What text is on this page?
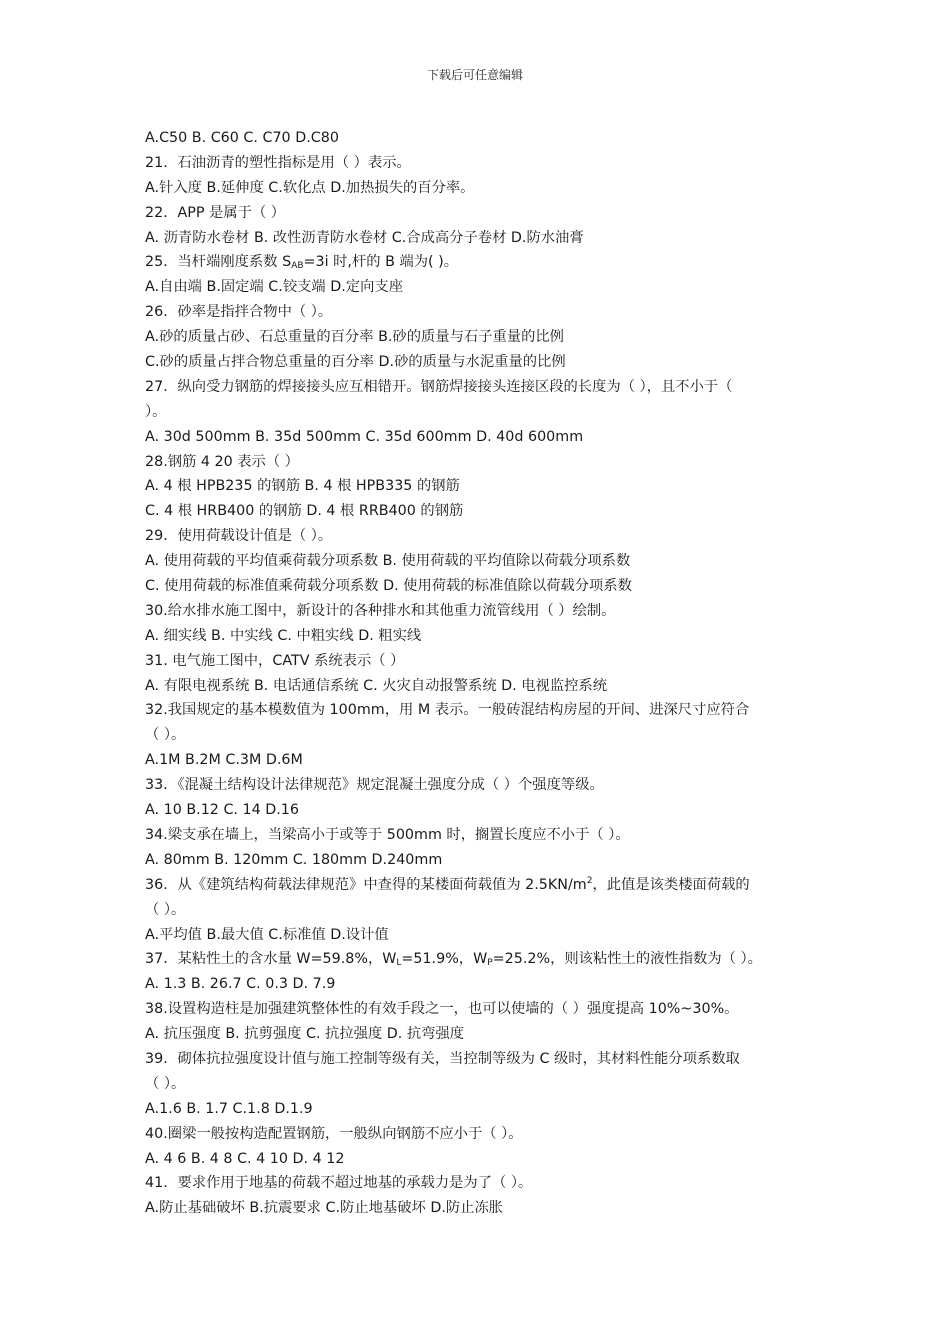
下载后可任意编辑
A.C50 B. C60 C. C70 D.C80
21．石油沥青的塑性指标是用（ ）表示。
A.针入度 B.延伸度 C.软化点 D.加热损失的百分率。
22．APP 是属于（ ）
A. 沥青防水卷材 B. 改性沥青防水卷材 C.合成高分子卷材 D.防水油膏
25．当杆端刚度系数 $S_{AB}=3i$ 时,杆的 B 端为( )。
A.自由端 B.固定端 C.铰支端 D.定向支座
26．砂率是指拌合物中（ ）。
A.砂的质量占砂、石总重量的百分率 B.砂的质量与石子重量的比例
C.砂的质量占拌合物总重量的百分率 D.砂的质量与水泥重量的比例
27．纵向受力钢筋的焊接接头应互相错开。钢筋焊接接头连接区段的长度为（ ），且不小于（
）。
A. 30d 500mm B. 35d 500mm C. 35d 600mm D. 40d 600mm
28.钢筋 4 20 表示（ ）
A. 4 根 HPB235 的钢筋 B. 4 根 HPB335 的钢筋
C. 4 根 HRB400 的钢筋 D. 4 根 RRB400 的钢筋
29．使用荷载设计值是（ ）。
A. 使用荷载的平均值乘荷载分项系数 B. 使用荷载的平均值除以荷载分项系数
C. 使用荷载的标准值乘荷载分项系数 D. 使用荷载的标准值除以荷载分项系数
30.给水排水施工图中，新设计的各种排水和其他重力流管线用（ ）绘制。
A. 细实线 B. 中实线 C. 中粗实线 D. 粗实线
31. 电气施工图中，CATV 系统表示（ ）
A. 有限电视系统 B. 电话通信系统 C. 火灾自动报警系统 D. 电视监控系统
32.我国规定的基本模数值为 100mm，用 M 表示。一般砖混结构房屋的开间、进深尺寸应符合
（ ）。
A.1M B.2M C.3M D.6M
33．《混凝土结构设计法律规范》规定混凝土强度分成（ ）个强度等级。
A. 10 B.12 C. 14 D.16
34.梁支承在墙上，当梁高小于或等于 500mm 时，搁置长度应不小于（ ）。
A. 80mm B. 120mm C. 180mm D.240mm
36．从《建筑结构荷载法律规范》中查得的某楼面荷载值为 $2.5KN/m^2$，此值是该类楼面荷载的
（ ）。
A.平均值 B.最大值 C.标准值 D.设计值
37．某粘性土的含水量 W=59.8%，$W_L=51.9\%$，$W_P=25.2\%$，则该粘性土的液性指数为（ ）。
A. 1.3 B. 26.7 C. 0.3 D. 7.9
38.设置构造柱是加强建筑整体性的有效手段之一，也可以使墙的（ ）强度提高 10%~30%。
A. 抗压强度 B. 抗剪强度 C. 抗拉强度 D. 抗弯强度
39．砌体抗拉强度设计值与施工控制等级有关，当控制等级为 C 级时，其材料性能分项系数取
（ ）。
A.1.6 B. 1.7 C.1.8 D.1.9
40.圈梁一般按构造配置钢筋，一般纵向钢筋不应小于（ ）。
A. 4 6 B. 4 8 C. 4 10 D. 4 12
41．要求作用于地基的荷载不超过地基的承载力是为了（ ）。
A.防止基础破坏 B.抗震要求 C.防止地基破坏 D.防止冻胀
